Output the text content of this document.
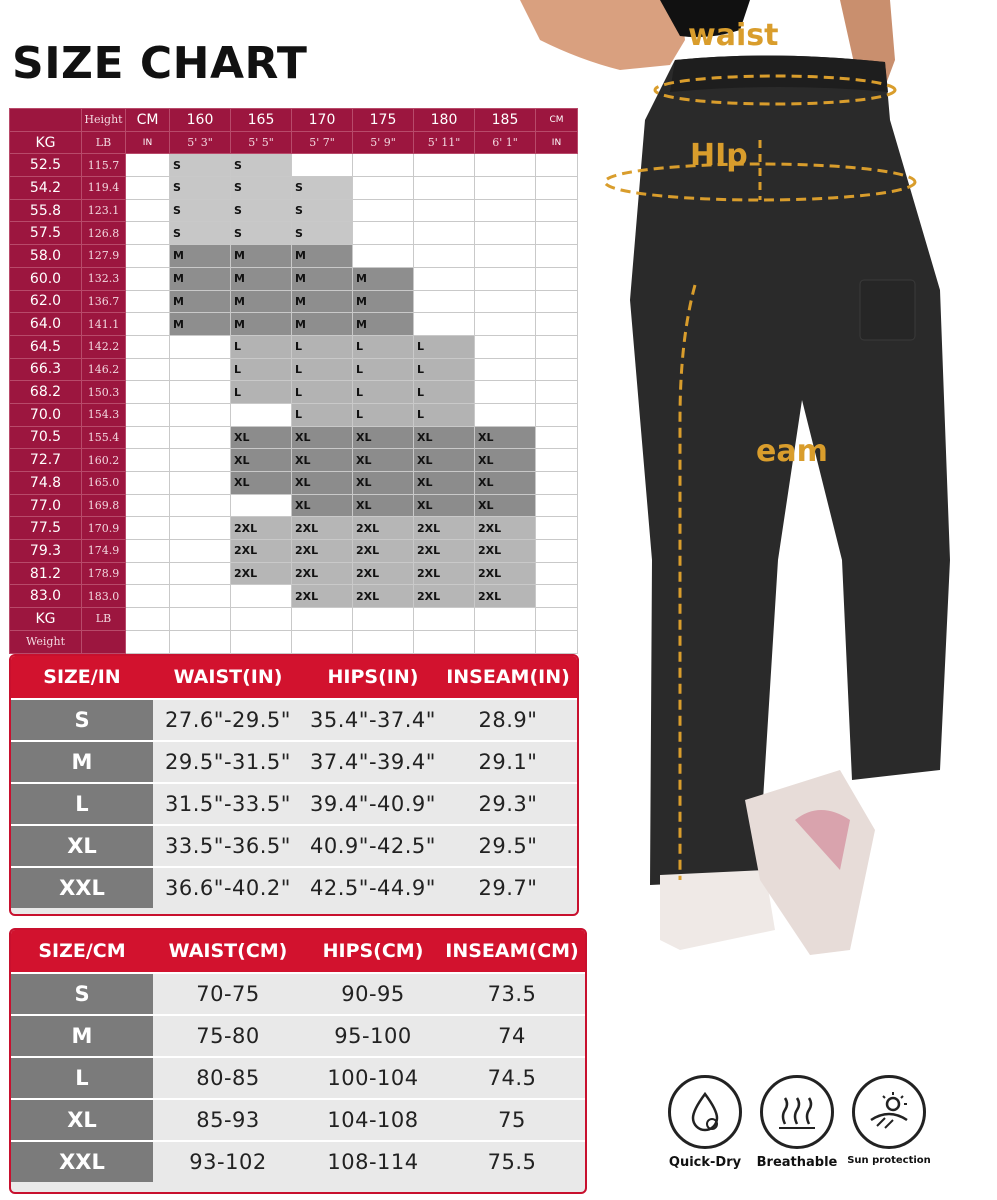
SIZE CHART
	Height	CM	160	165	170	175	180	185	CM
KG	LB	IN	5' 3"	5' 5"	5' 7"	5' 9"	5' 11"	6' 1"	IN
52.5	115.7		S	S					
54.2	119.4		S	S	S				
55.8	123.1		S	S	S				
57.5	126.8		S	S	S				
58.0	127.9		M	M	M				
60.0	132.3		M	M	M	M			
62.0	136.7		M	M	M	M			
64.0	141.1		M	M	M	M			
64.5	142.2			L	L	L	L		
66.3	146.2			L	L	L	L		
68.2	150.3			L	L	L	L		
70.0	154.3				L	L	L		
70.5	155.4			XL	XL	XL	XL	XL	
72.7	160.2			XL	XL	XL	XL	XL	
74.8	165.0			XL	XL	XL	XL	XL	
77.0	169.8				XL	XL	XL	XL	
77.5	170.9			2XL	2XL	2XL	2XL	2XL	
79.3	174.9			2XL	2XL	2XL	2XL	2XL	
81.2	178.9			2XL	2XL	2XL	2XL	2XL	
83.0	183.0				2XL	2XL	2XL	2XL	
KG	LB								
Weight									
SIZE/IN	WAIST(IN)	HIPS(IN)	INSEAM(IN)
S	27.6"-29.5" 35.4"-37.4"	28.9"
M	29.5"-31.5" 37.4"-39.4"	29.1"
L	31.5"-33.5" 39.4"-40.9"	29.3"
XL	33.5"-36.5" 40.9"-42.5"	29.5"
XXL	36.6"-40.2" 42.5"-44.9"	29.7"
SIZE/CM	WAIST(CM)	HIPS(CM)	INSEAM(CM)
S	70-75	90-95	73.5
M	75-80	95-100	74
L	80-85	100-104	74.5
XL	85-93	104-108	75
XXL	93-102	108-114	75.5
waist
HIp
eam
Quick-Dry	Breathable Sun protection
